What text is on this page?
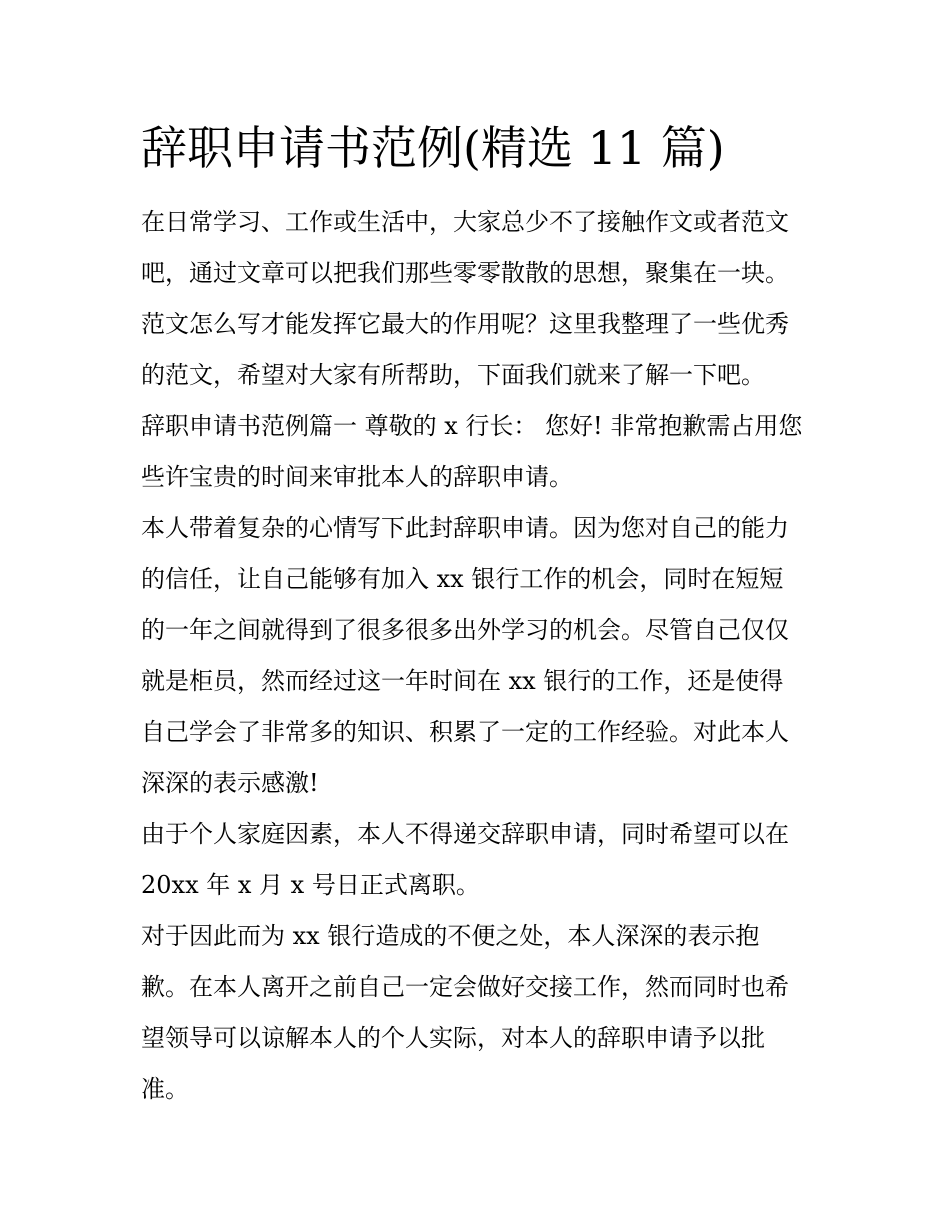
辞职申请书范例(精选 11 篇)

在日常学习、工作或生活中，大家总少不了接触作文或者范文
吧，通过文章可以把我们那些零零散散的思想，聚集在一块。
范文怎么写才能发挥它最大的作用呢？这里我整理了一些优秀
的范文，希望对大家有所帮助，下面我们就来了解一下吧。

辞职申请书范例篇一 尊敬的 x 行长： 您好! 非常抱歉需占用您
些许宝贵的时间来审批本人的辞职申请。

本人带着复杂的心情写下此封辞职申请。因为您对自己的能力
的信任，让自己能够有加入 xx 银行工作的机会，同时在短短
的一年之间就得到了很多很多出外学习的机会。尽管自己仅仅
就是柜员，然而经过这一年时间在 xx 银行的工作，还是使得
自己学会了非常多的知识、积累了一定的工作经验。对此本人
深深的表示感激!

由于个人家庭因素，本人不得递交辞职申请，同时希望可以在
20xx 年 x 月 x 号日正式离职。

对于因此而为 xx 银行造成的不便之处，本人深深的表示抱
歉。在本人离开之前自己一定会做好交接工作，然而同时也希
望领导可以谅解本人的个人实际，对本人的辞职申请予以批
准。
